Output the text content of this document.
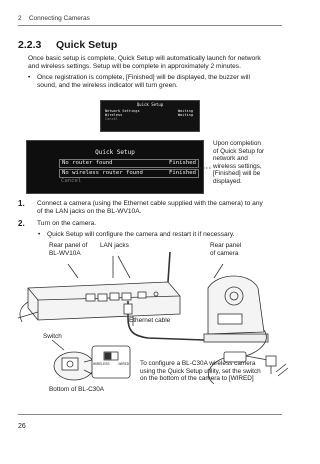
2 Connecting Cameras
2.2.3 Quick Setup
Once basic setup is complete, Quick Setup will automatically launch for network
and wireless settings. Setup will be complete in approximately 2 minutes.
• Once registration is complete, [Finished] will be displayed, the buzzer will
sound, and the wireless indicator will turn green.
Quick Setup
Network Settings	Waiting
Wireless	Waiting
Cancel
Quick Setup
No router found	Finished
No wireless router found	Finished
Cancel
Upon completion
of Quick Setup for
network and
wireless settings,
[Finished] will be
displayed.
1. Connect a camera (using the Ethernet cable supplied with the camera) to any
of the LAN jacks on the BL-WV10A.
2. Turn on the camera.
• Quick Setup will configure the camera and restart it if necessary.
Rear panel of
BL-WV10A
LAN jacks	Rear panel
of camera
Ethernet cable
Switch
WIRELESS	WIRED
Bottom of BL-C30A
To configure a BL-C30A wireless camera
using the Quick Setup utility, set the switch
on the bottom of the camera to [WIRED]
26
